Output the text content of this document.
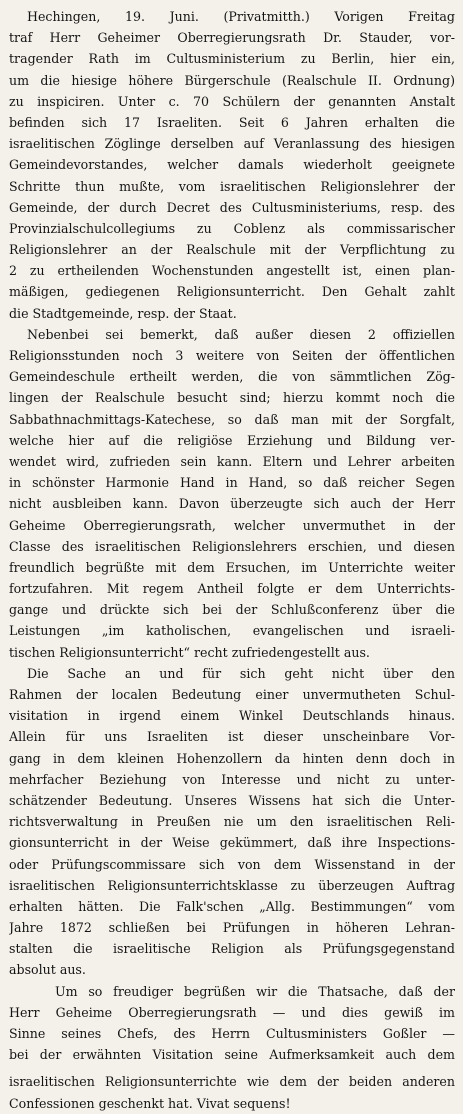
Hechingen, 19. Juni. (Privatmitth.) Vorigen Freitag
traf Herr Geheimer Oberregierungsrath Dr. Stauder, vor-
tragender Rath im Cultusministerium zu Berlin, hier ein,
um die hiesige höhere Bürgerschule (Realschule II. Ordnung)
zu inspiciren. Unter c. 70 Schülern der genannten Anstalt
befinden sich 17 Israeliten. Seit 6 Jahren erhalten die
israelitischen Zöglinge derselben auf Veranlassung des hiesigen
Gemeindevorstandes, welcher damals wiederholt geeignete
Schritte thun mußte, vom israelitischen Religionslehrer der
Gemeinde, der durch Decret des Cultusministeriums, resp. des
Provinzialschulcollegiums zu Coblenz als commissarischer
Religionslehrer an der Realschule mit der Verpflichtung zu
2 zu ertheilenden Wochenstunden angestellt ist, einen plan-
mäßigen, gediegenen Religionsunterricht. Den Gehalt zahlt
die Stadtgemeinde, resp. der Staat.
Nebenbei sei bemerkt, daß außer diesen 2 offiziellen
Religionsstunden noch 3 weitere von Seiten der öffentlichen
Gemeindeschule ertheilt werden, die von sämmtlichen Zög-
lingen der Realschule besucht sind; hierzu kommt noch die
Sabbathnachmittags-Katechese, so daß man mit der Sorgfalt,
welche hier auf die religiöse Erziehung und Bildung ver-
wendet wird, zufrieden sein kann. Eltern und Lehrer arbeiten
in schönster Harmonie Hand in Hand, so daß reicher Segen
nicht ausbleiben kann. Davon überzeugte sich auch der Herr
Geheime Oberregierungsrath, welcher unvermuthet in der
Classe des israelitischen Religionslehrers erschien, und diesen
freundlich begrüßte mit dem Ersuchen, im Unterrichte weiter
fortzufahren. Mit regem Antheil folgte er dem Unterrichts-
gange und drückte sich bei der Schlußconferenz über die
Leistungen „im katholischen, evangelischen und israeli-
tischen Religionsunterricht“ recht zufriedengestellt aus.
Die Sache an und für sich geht nicht über den
Rahmen der localen Bedeutung einer unvermutheten Schul-
visitation in irgend einem Winkel Deutschlands hinaus.
Allein für uns Israeliten ist dieser unscheinbare Vor-
gang in dem kleinen Hohenzollern da hinten denn doch in
mehrfacher Beziehung von Interesse und nicht zu unter-
schätzender Bedeutung. Unseres Wissens hat sich die Unter-
richtsverwaltung in Preußen nie um den israelitischen Reli-
gionsunterricht in der Weise gekümmert, daß ihre Inspections-
oder Prüfungscommissare sich von dem Wissenstand in der
israelitischen Religionsunterrichtsklasse zu überzeugen Auftrag
erhalten hätten. Die Falk'schen „Allg. Bestimmungen“ vom
Jahre 1872 schließen bei Prüfungen in höheren Lehran-
stalten die israelitische Religion als Prüfungsgegenstand
absolut aus.
Um so freudiger begrüßen wir die Thatsache, daß der
Herr Geheime Oberregierungsrath — und dies gewiß im
Sinne seines Chefs, des Herrn Cultusministers Goßler —
bei der erwähnten Visitation seine Aufmerksamkeit auch dem
israelitischen Religionsunterrichte wie dem der beiden anderen
Confessionen geschenkt hat. Vivat sequens!
